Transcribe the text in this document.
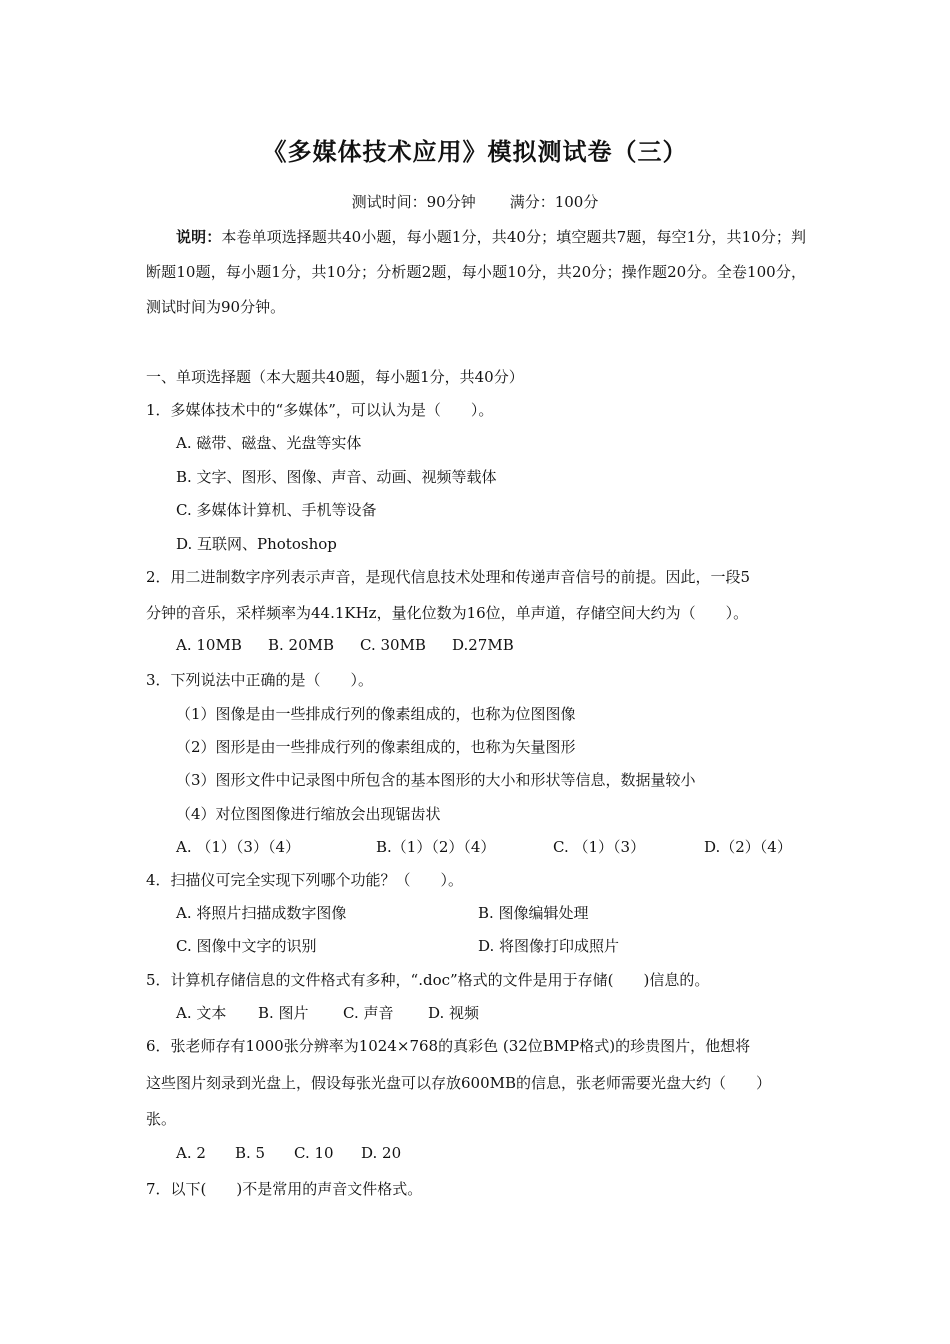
《多媒体技术应用》模拟测试卷（三）
测试时间：90分钟 满分：100分
说明：本卷单项选择题共40小题，每小题1分，共40分；填空题共7题，每空1分，共10分；判断题10题，每小题1分，共10分；分析题2题，每小题10分，共20分；操作题20分。全卷100分，测试时间为90分钟。
一、单项选择题（本大题共40题，每小题1分，共40分）
1．多媒体技术中的“多媒体”，可以认为是（　　）。
A. 磁带、磁盘、光盘等实体
B. 文字、图形、图像、声音、动画、视频等载体
C. 多媒体计算机、手机等设备
D. 互联网、Photoshop
2．用二进制数字序列表示声音，是现代信息技术处理和传递声音信号的前提。因此，一段5
分钟的音乐，采样频率为44.1KHz，量化位数为16位，单声道，存储空间大约为（　　）。
A. 10MB B. 20MB C. 30MB D.27MB
3．下列说法中正确的是（　　）。
（1）图像是由一些排成行列的像素组成的，也称为位图图像
（2）图形是由一些排成行列的像素组成的，也称为矢量图形
（3）图形文件中记录图中所包含的基本图形的大小和形状等信息，数据量较小
（4）对位图图像进行缩放会出现锯齿状
A. （1）（3）（4）	B.（1）（2）（4）	C. （1）（3）	D.（2）（4）
4．扫描仪可完全实现下列哪个功能？（　　）。
A. 将照片扫描成数字图像	B. 图像编辑处理
C. 图像中文字的识别	D. 将图像打印成照片
5．计算机存储信息的文件格式有多种，“.doc”格式的文件是用于存储(　　)信息的。
A. 文本 B. 图片 C. 声音 D. 视频
6．张老师存有1000张分辨率为1024×768的真彩色 (32位BMP格式)的珍贵图片，他想将
这些图片刻录到光盘上，假设每张光盘可以存放600MB的信息，张老师需要光盘大约（　　）
张。
A. 2 B. 5 C. 10 D. 20
7．以下(　　)不是常用的声音文件格式。
